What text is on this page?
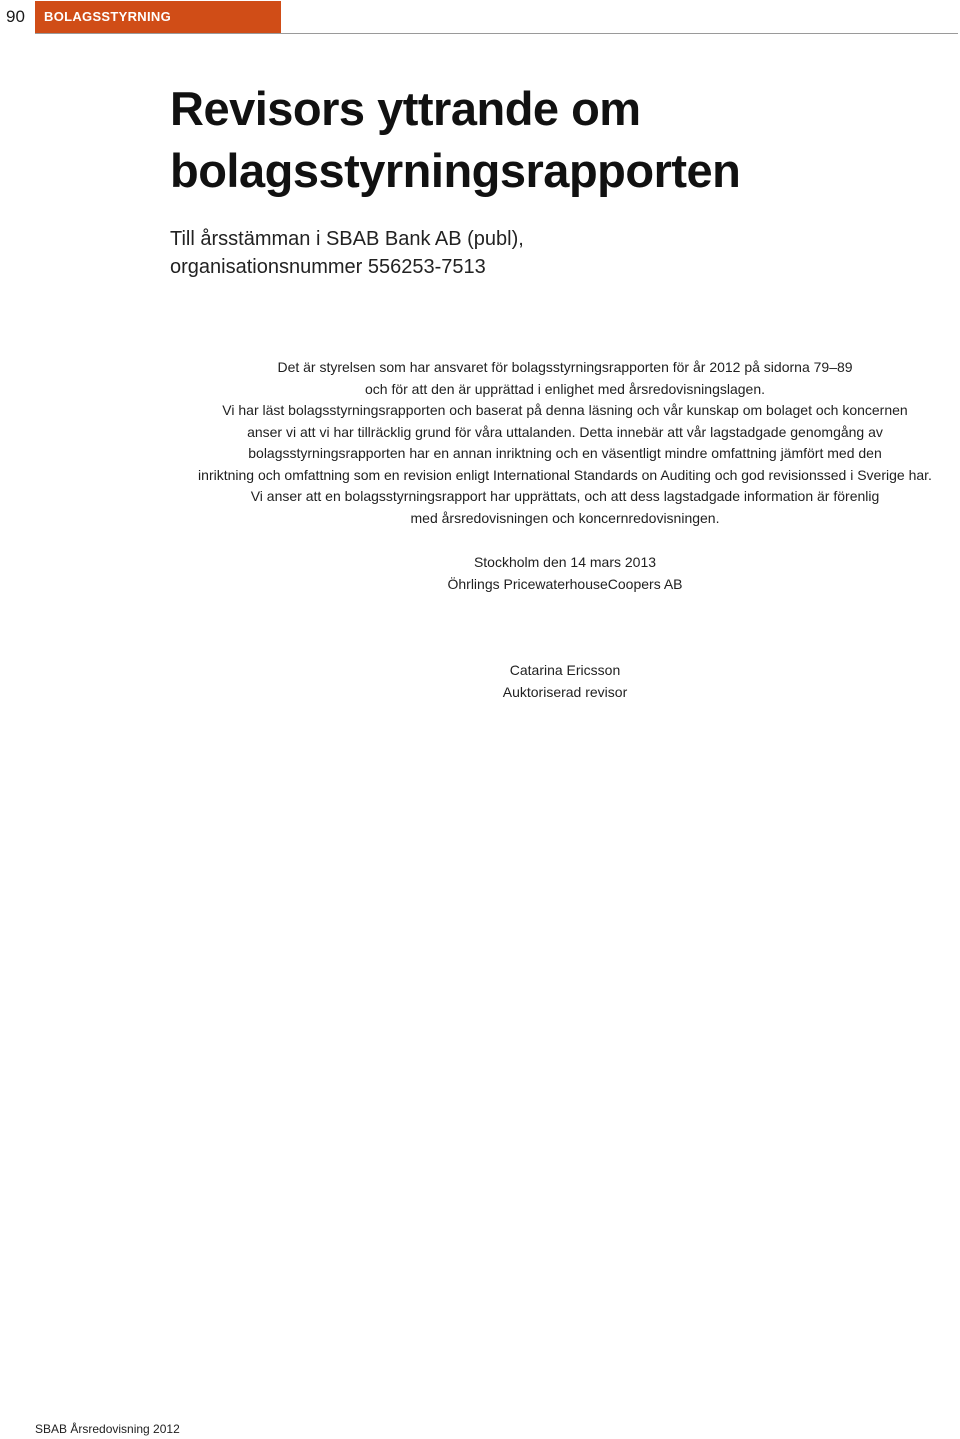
90	BOLAGSSTYRNING
Revisors yttrande om
bolagsstyrningsrapporten
Till årsstämman i SBAB Bank AB (publ),
organisationsnummer 556253-7513
Det är styrelsen som har ansvaret för bolagsstyrningsrapporten för år 2012 på sidorna 79–89
och för att den är upprättad i enlighet med årsredovisningslagen.
Vi har läst bolagsstyrningsrapporten och baserat på denna läsning och vår kunskap om bolaget och koncernen
anser vi att vi har tillräcklig grund för våra uttalanden. Detta innebär att vår lagstadgade genomgång av
bolagsstyrningsrapporten har en annan inriktning och en väsentligt mindre omfattning jämfört med den
inriktning och omfattning som en revision enligt International Standards on Auditing och god revisionssed i Sverige har.
Vi anser att en bolagsstyrningsrapport har upprättats, och att dess lagstadgade information är förenlig
med årsredovisningen och koncernredovisningen.
Stockholm den 14 mars 2013
Öhrlings PricewaterhouseCoopers AB
Catarina Ericsson
Auktoriserad revisor
SBAB Årsredovisning 2012
